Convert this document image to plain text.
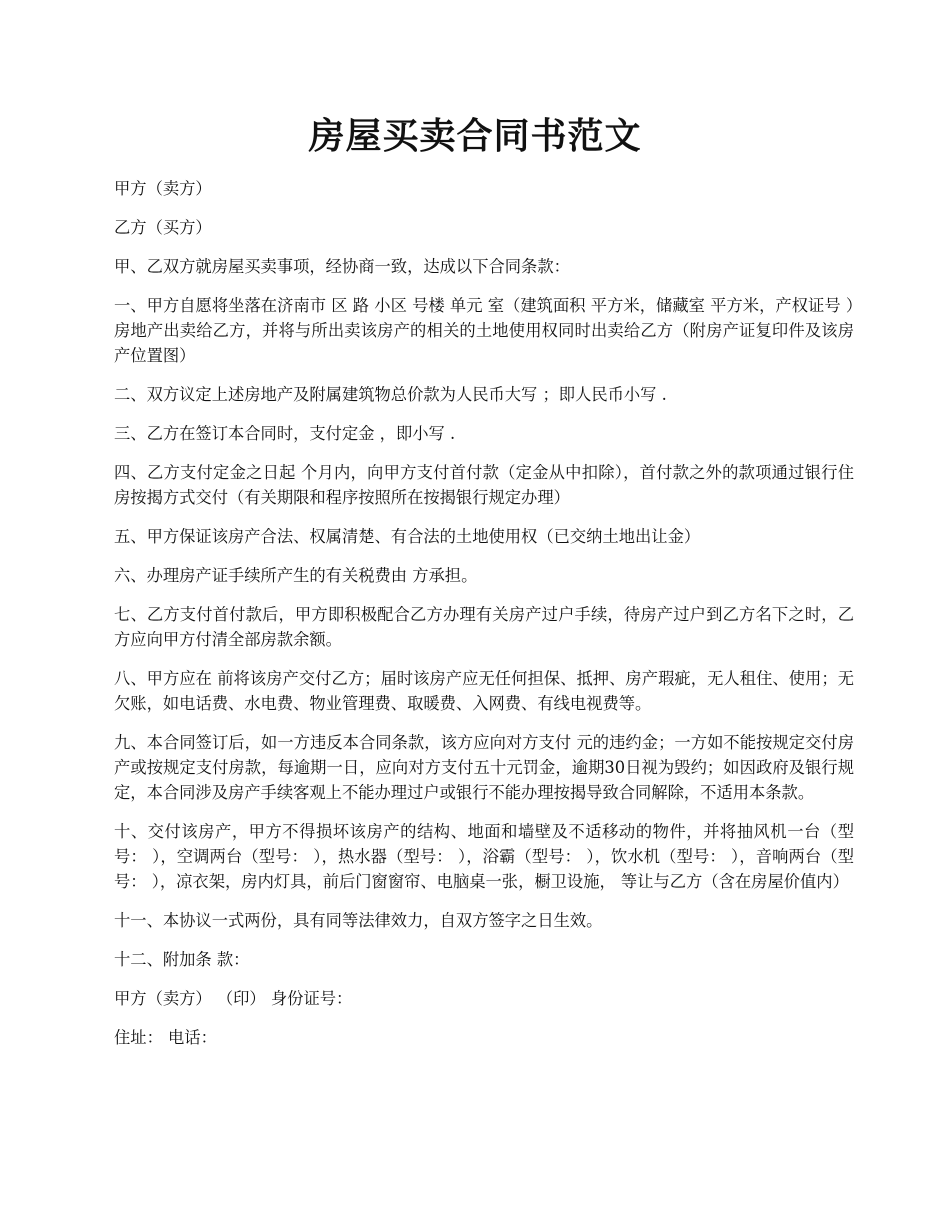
房屋买卖合同书范文

甲方（卖方）

乙方（买方）

甲、乙双方就房屋买卖事项，经协商一致，达成以下合同条款：

一、甲方自愿将坐落在济南市 区 路 小区 号楼 单元 室（建筑面积 平方米，储藏室 平方米，产权证号 ）房地产出卖给乙方，并将与所出卖该房产的相关的土地使用权同时出卖给乙方（附房产证复印件及该房产位置图）

二、双方议定上述房地产及附属建筑物总价款为人民币大写 ；即人民币小写 .

三、乙方在签订本合同时，支付定金 ，即小写 .

四、乙方支付定金之日起 个月内，向甲方支付首付款（定金从中扣除），首付款之外的款项通过银行住房按揭方式交付（有关期限和程序按照所在按揭银行规定办理）

五、甲方保证该房产合法、权属清楚、有合法的土地使用权（已交纳土地出让金）

六、办理房产证手续所产生的有关税费由 方承担。

七、乙方支付首付款后，甲方即积极配合乙方办理有关房产过户手续，待房产过户到乙方名下之时，乙方应向甲方付清全部房款余额。

八、甲方应在 前将该房产交付乙方；届时该房产应无任何担保、抵押、房产瑕疵，无人租住、使用；无欠账，如电话费、水电费、物业管理费、取暖费、入网费、有线电视费等。

九、本合同签订后，如一方违反本合同条款，该方应向对方支付 元的违约金；一方如不能按规定交付房产或按规定支付房款，每逾期一日，应向对方支付五十元罚金，逾期30日视为毁约；如因政府及银行规定，本合同涉及房产手续客观上不能办理过户或银行不能办理按揭导致合同解除，不适用本条款。

十、交付该房产，甲方不得损坏该房产的结构、地面和墙壁及不适移动的物件，并将抽风机一台（型号： ），空调两台（型号： ），热水器（型号： ），浴霸（型号： ），饮水机（型号： ），音响两台（型号： ），凉衣架，房内灯具，前后门窗窗帘、电脑桌一张，橱卫设施， 等让与乙方（含在房屋价值内）

十一、本协议一式两份，具有同等法律效力，自双方签字之日生效。

十二、附加条 款：

甲方（卖方） （印） 身份证号：

住址： 电话：
